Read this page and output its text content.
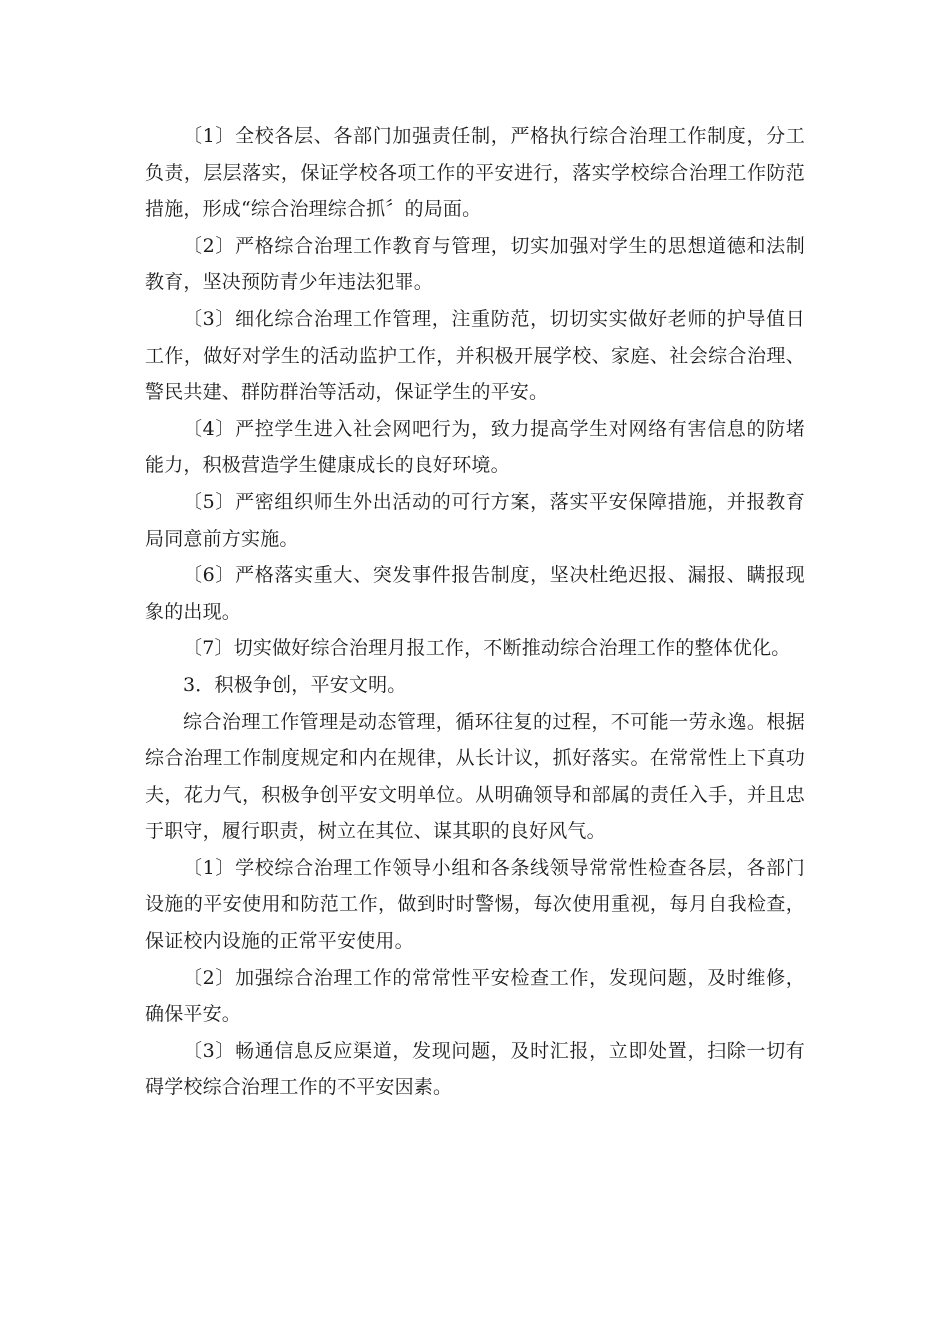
〔1〕全校各层、各部门加强责任制，严格执行综合治理工作制度，分工负责，层层落实，保证学校各项工作的平安进行，落实学校综合治理工作防范措施，形成“综合治理综合抓〞的局面。

〔2〕严格综合治理工作教育与管理，切实加强对学生的思想道德和法制教育，坚决预防青少年违法犯罪。

〔3〕细化综合治理工作管理，注重防范，切切实实做好老师的护导值日工作，做好对学生的活动监护工作，并积极开展学校、家庭、社会综合治理、警民共建、群防群治等活动，保证学生的平安。

〔4〕严控学生进入社会网吧行为，致力提高学生对网络有害信息的防堵能力，积极营造学生健康成长的良好环境。

〔5〕严密组织师生外出活动的可行方案，落实平安保障措施，并报教育局同意前方实施。

〔6〕严格落实重大、突发事件报告制度，坚决杜绝迟报、漏报、瞒报现象的出现。

〔7〕切实做好综合治理月报工作，不断推动综合治理工作的整体优化。

3．积极争创，平安文明。

综合治理工作管理是动态管理，循环往复的过程，不可能一劳永逸。根据综合治理工作制度规定和内在规律，从长计议，抓好落实。在常常性上下真功夫，花力气，积极争创平安文明单位。从明确领导和部属的责任入手，并且忠于职守，履行职责，树立在其位、谋其职的良好风气。

〔1〕学校综合治理工作领导小组和各条线领导常常性检查各层，各部门设施的平安使用和防范工作，做到时时警惕，每次使用重视，每月自我检查，保证校内设施的正常平安使用。

〔2〕加强综合治理工作的常常性平安检查工作，发现问题，及时维修，确保平安。

〔3〕畅通信息反应渠道，发现问题，及时汇报，立即处置，扫除一切有碍学校综合治理工作的不平安因素。
